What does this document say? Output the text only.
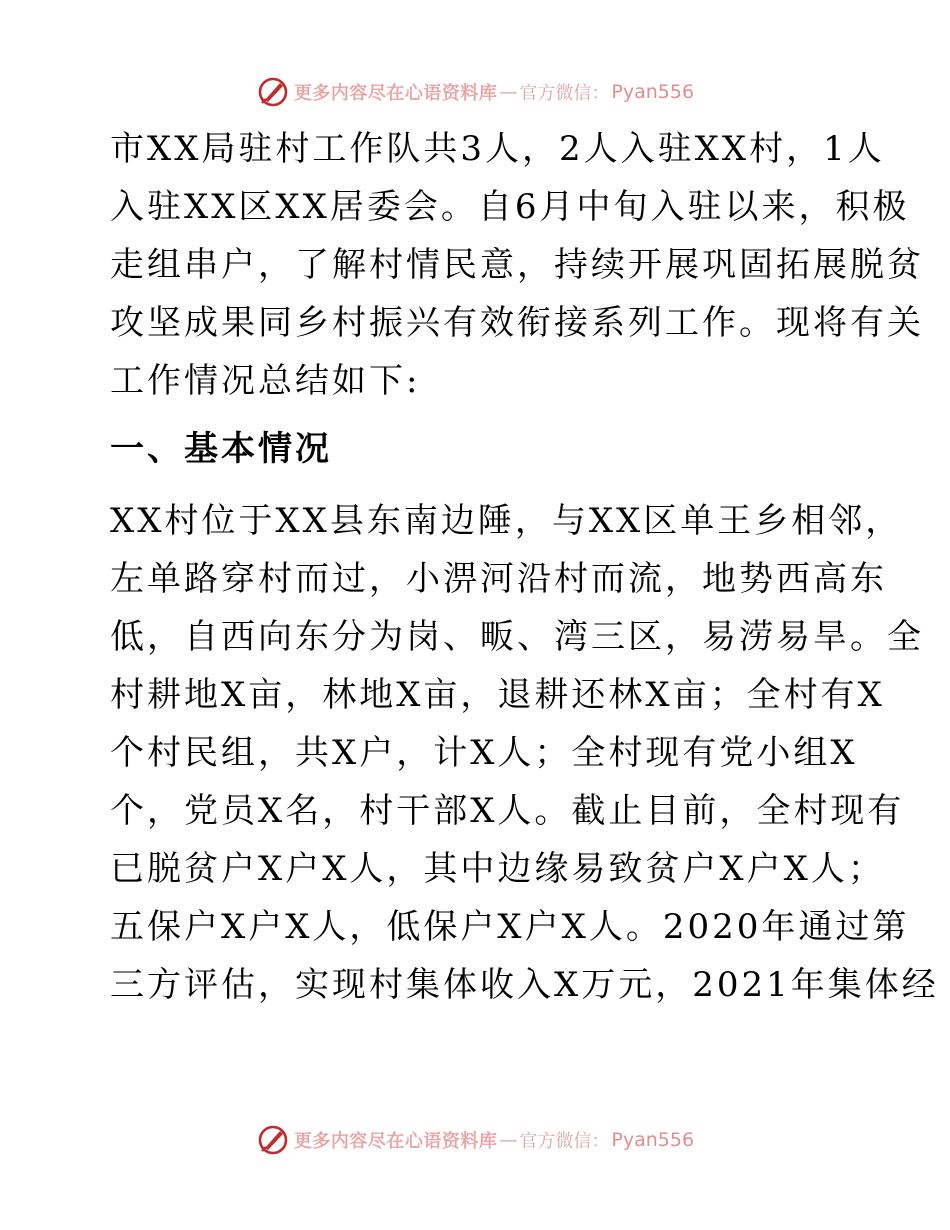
更多内容尽在心语资料库 — 官方微信： Pyan556

市XX局驻村工作队共3人，2人入驻XX村，1人
入驻XX区XX居委会。自6月中旬入驻以来，积极
走组串户，了解村情民意，持续开展巩固拓展脱贫
攻坚成果同乡村振兴有效衔接系列工作。现将有关
工作情况总结如下:

一、基本情况

XX村位于XX县东南边陲，与XX区单王乡相邻，
左单路穿村而过，小淠河沿村而流，地势西高东
低，自西向东分为岗、畈、湾三区，易涝易旱。全
村耕地X亩，林地X亩，退耕还林X亩；全村有X
个村民组，共X户，计X人；全村现有党小组X
个，党员X名，村干部X人。截止目前，全村现有
已脱贫户X户X人，其中边缘易致贫户X户X人；
五保户X户X人，低保户X户X人。2020年通过第
三方评估，实现村集体收入X万元，2021年集体经

更多内容尽在心语资料库 — 官方微信： Pyan556
